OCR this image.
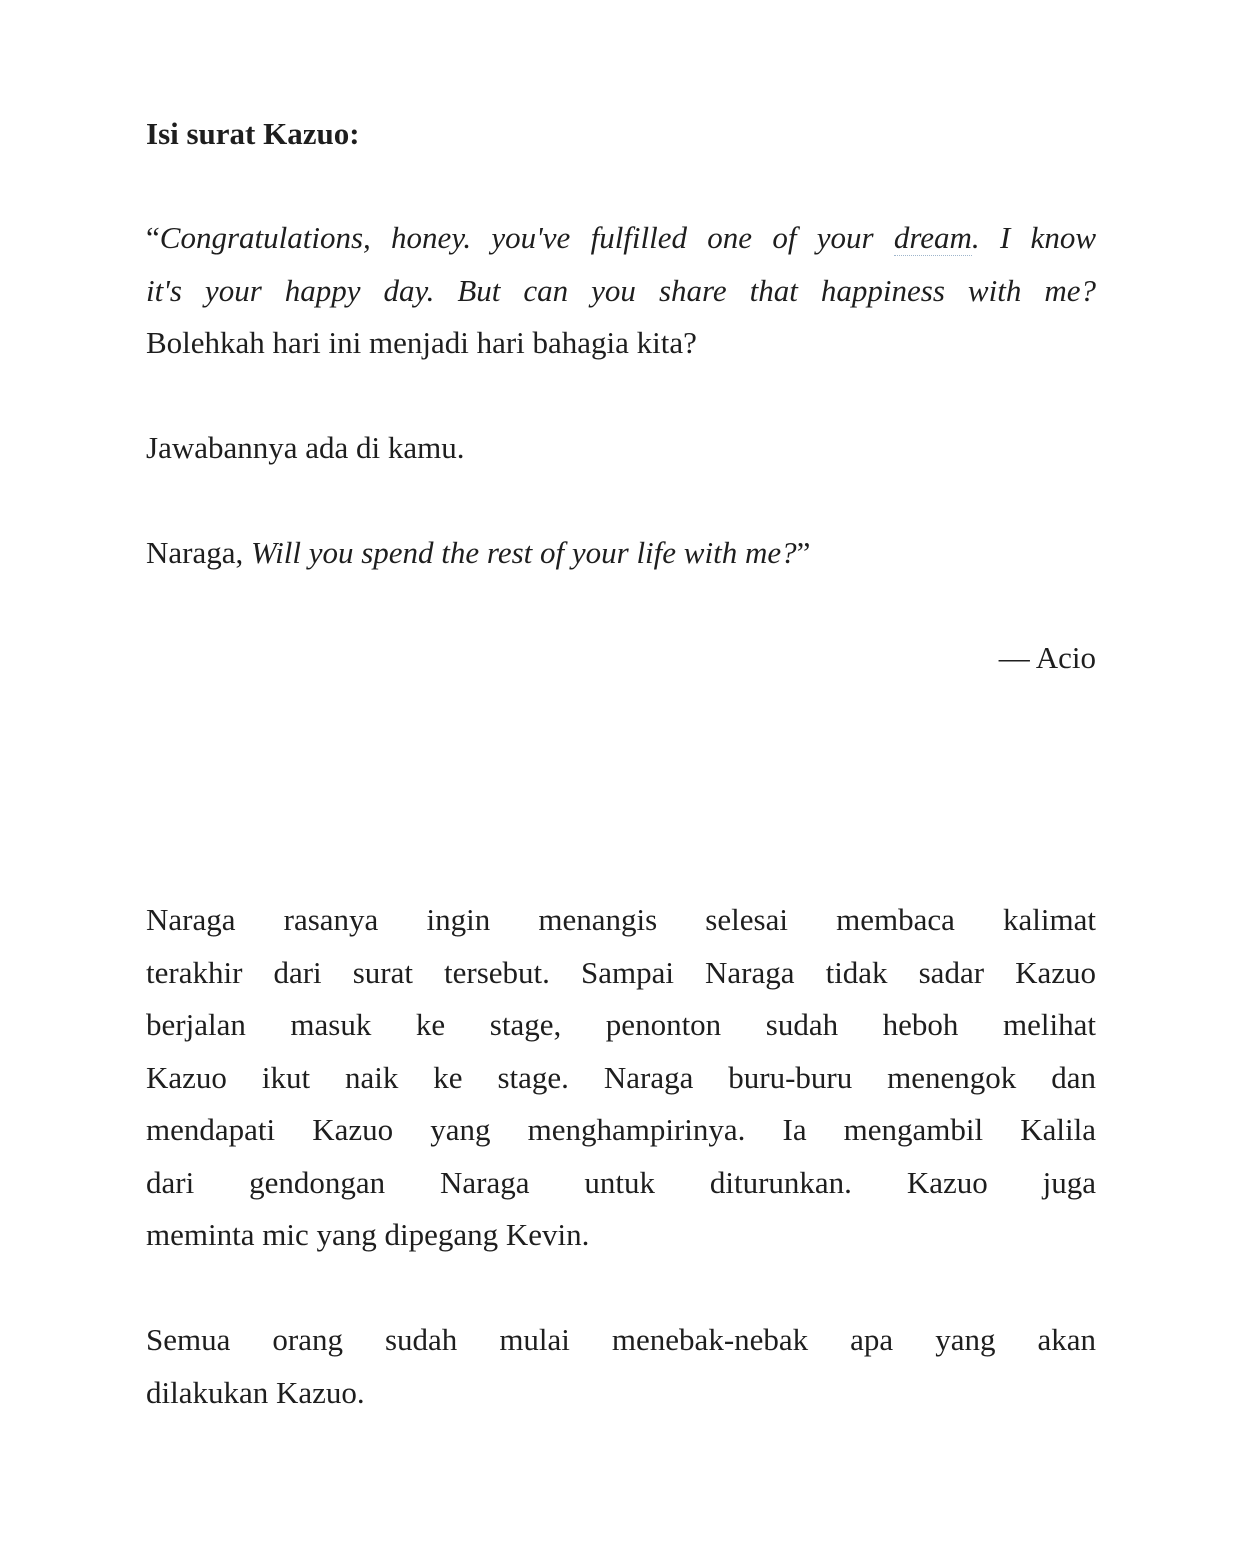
Isi surat Kazuo:
“Congratulations, honey. you've fulfilled one of your dream. I know
it's your happy day. But can you share that happiness with me?
Bolehkah hari ini menjadi hari bahagia kita?
Jawabannya ada di kamu.
Naraga, Will you spend the rest of your life with me?”
— Acio
Naraga rasanya ingin menangis selesai membaca kalimat
terakhir dari surat tersebut. Sampai Naraga tidak sadar Kazuo
berjalan masuk ke stage, penonton sudah heboh melihat
Kazuo ikut naik ke stage. Naraga buru-buru menengok dan
mendapati Kazuo yang menghampirinya. Ia mengambil Kalila
dari gendongan Naraga untuk diturunkan. Kazuo juga
meminta mic yang dipegang Kevin.
Semua orang sudah mulai menebak-nebak apa yang akan
dilakukan Kazuo.
